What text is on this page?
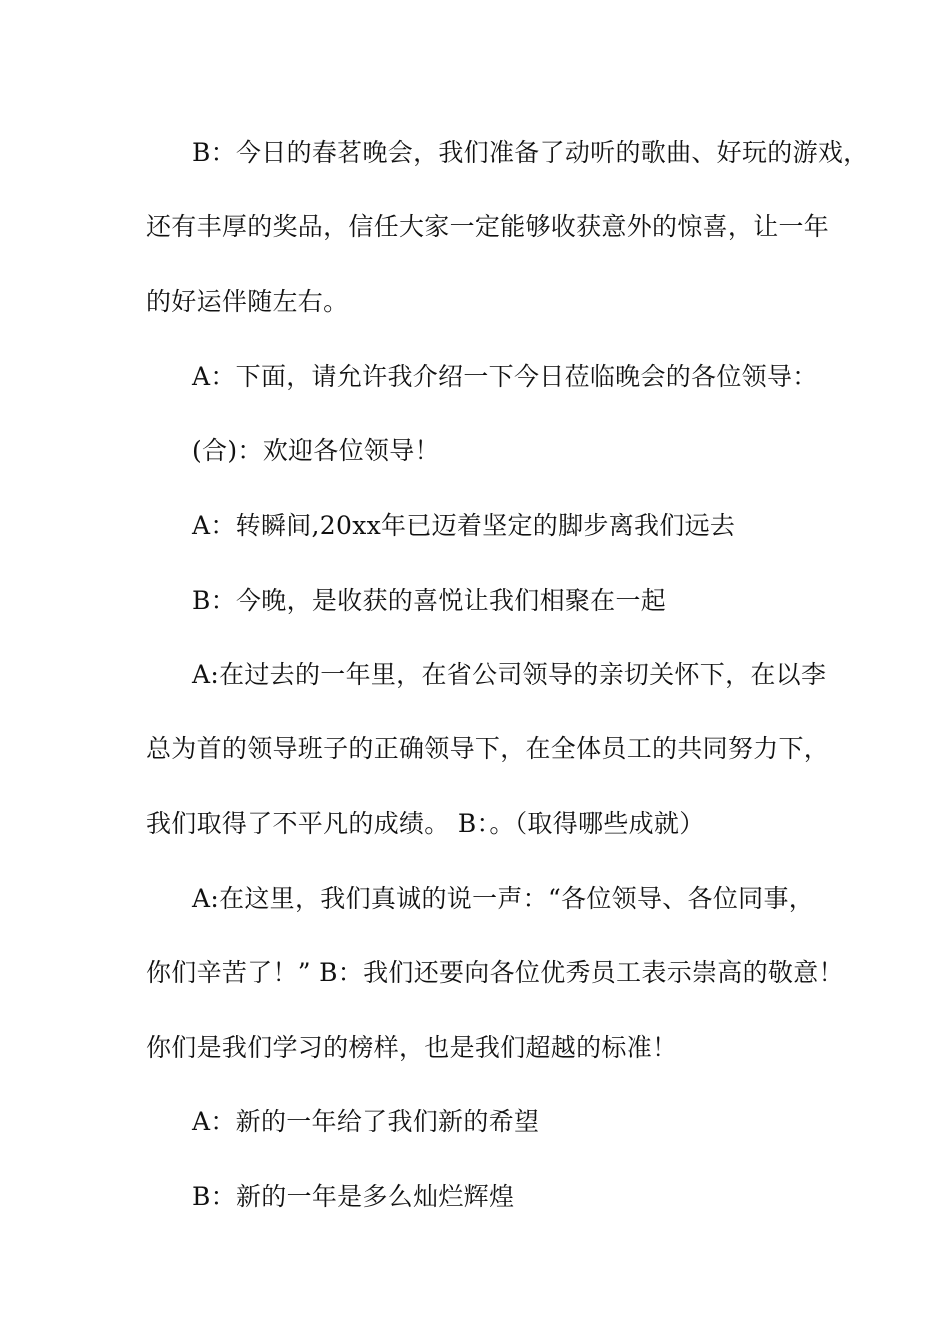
B：今日的春茗晚会，我们准备了动听的歌曲、好玩的游戏，
还有丰厚的奖品，信任大家一定能够收获意外的惊喜，让一年
的好运伴随左右。
A：下面，请允许我介绍一下今日莅临晚会的各位领导：
(合)：欢迎各位领导！
A：转瞬间,20xx年已迈着坚定的脚步离我们远去
B：今晚，是收获的喜悦让我们相聚在一起
A:在过去的一年里，在省公司领导的亲切关怀下，在以李
总为首的领导班子的正确领导下，在全体员工的共同努力下，
我们取得了不平凡的成绩。 B：。（取得哪些成就）
A:在这里，我们真诚的说一声：“各位领导、各位同事，
你们辛苦了！” B：我们还要向各位优秀员工表示崇高的敬意！
你们是我们学习的榜样，也是我们超越的标准！
A：新的一年给了我们新的希望
B：新的一年是多么灿烂辉煌
